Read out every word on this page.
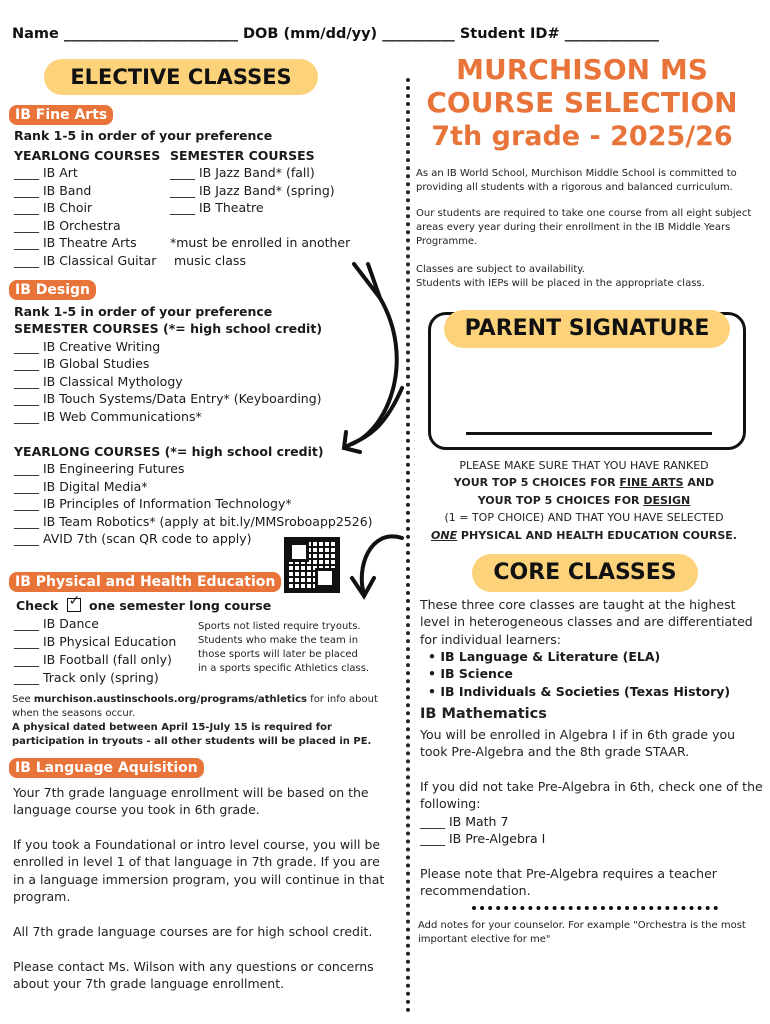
Name ________________________ DOB (mm/dd/yy) __________ Student ID# _____________
ELECTIVE CLASSES
IB Fine Arts
Rank 1-5 in order of your preference
YEARLONG COURSES SEMESTER COURSES
____ IB Art
____ IB Band
____ IB Choir
____ IB Orchestra
____ IB Theatre Arts
____ IB Classical Guitar
____ IB Jazz Band* (fall)
____ IB Jazz Band* (spring)
____ IB Theatre
*must be enrolled in another
music class
IB Design
Rank 1-5 in order of your preference
SEMESTER COURSES (*= high school credit)
____ IB Creative Writing
____ IB Global Studies
____ IB Classical Mythology
____ IB Touch Systems/Data Entry* (Keyboarding)
____ IB Web Communications*
YEARLONG COURSES (*= high school credit)
____ IB Engineering Futures
____ IB Digital Media*
____ IB Principles of Information Technology*
____ IB Team Robotics* (apply at bit.ly/MMSroboapp2526)
____ AVID 7th (scan QR code to apply)
IB Physical and Health Education
Check ✓ one semester long course
____ IB Dance
____ IB Physical Education
____ IB Football (fall only)
____ Track only (spring)
Sports not listed require tryouts. Students who make the team in those sports will later be placed in a sports specific Athletics class.
See murchison.austinschools.org/programs/athletics for info about when the seasons occur.
A physical dated between April 15-July 15 is required for participation in tryouts - all other students will be placed in PE.
IB Language Aquisition
Your 7th grade language enrollment will be based on the language course you took in 6th grade.
If you took a Foundational or intro level course, you will be enrolled in level 1 of that language in 7th grade. If you are in a language immersion program, you will continue in that program.
All 7th grade language courses are for high school credit.
Please contact Ms. Wilson with any questions or concerns about your 7th grade language enrollment.
MURCHISON MS
COURSE SELECTION
7th grade - 2025/26
As an IB World School, Murchison Middle School is committed to providing all students with a rigorous and balanced curriculum.
Our students are required to take one course from all eight subject areas every year during their enrollment in the IB Middle Years Programme.
Classes are subject to availability.
Students with IEPs will be placed in the appropriate class.
PARENT SIGNATURE
PLEASE MAKE SURE THAT YOU HAVE RANKED
YOUR TOP 5 CHOICES FOR FINE ARTS AND
YOUR TOP 5 CHOICES FOR DESIGN
(1 = TOP CHOICE) AND THAT YOU HAVE SELECTED
ONE PHYSICAL AND HEALTH EDUCATION COURSE.
CORE CLASSES
These three core classes are taught at the highest level in heterogeneous classes and are differentiated for individual learners:
• IB Language & Literature (ELA)
• IB Science
• IB Individuals & Societies (Texas History)
IB Mathematics
You will be enrolled in Algebra I if in 6th grade you took Pre-Algebra and the 8th grade STAAR.
If you did not take Pre-Algebra in 6th, check one of the following:
____ IB Math 7
____ IB Pre-Algebra I
Please note that Pre-Algebra requires a teacher recommendation.
Add notes for your counselor. For example "Orchestra is the most important elective for me"
